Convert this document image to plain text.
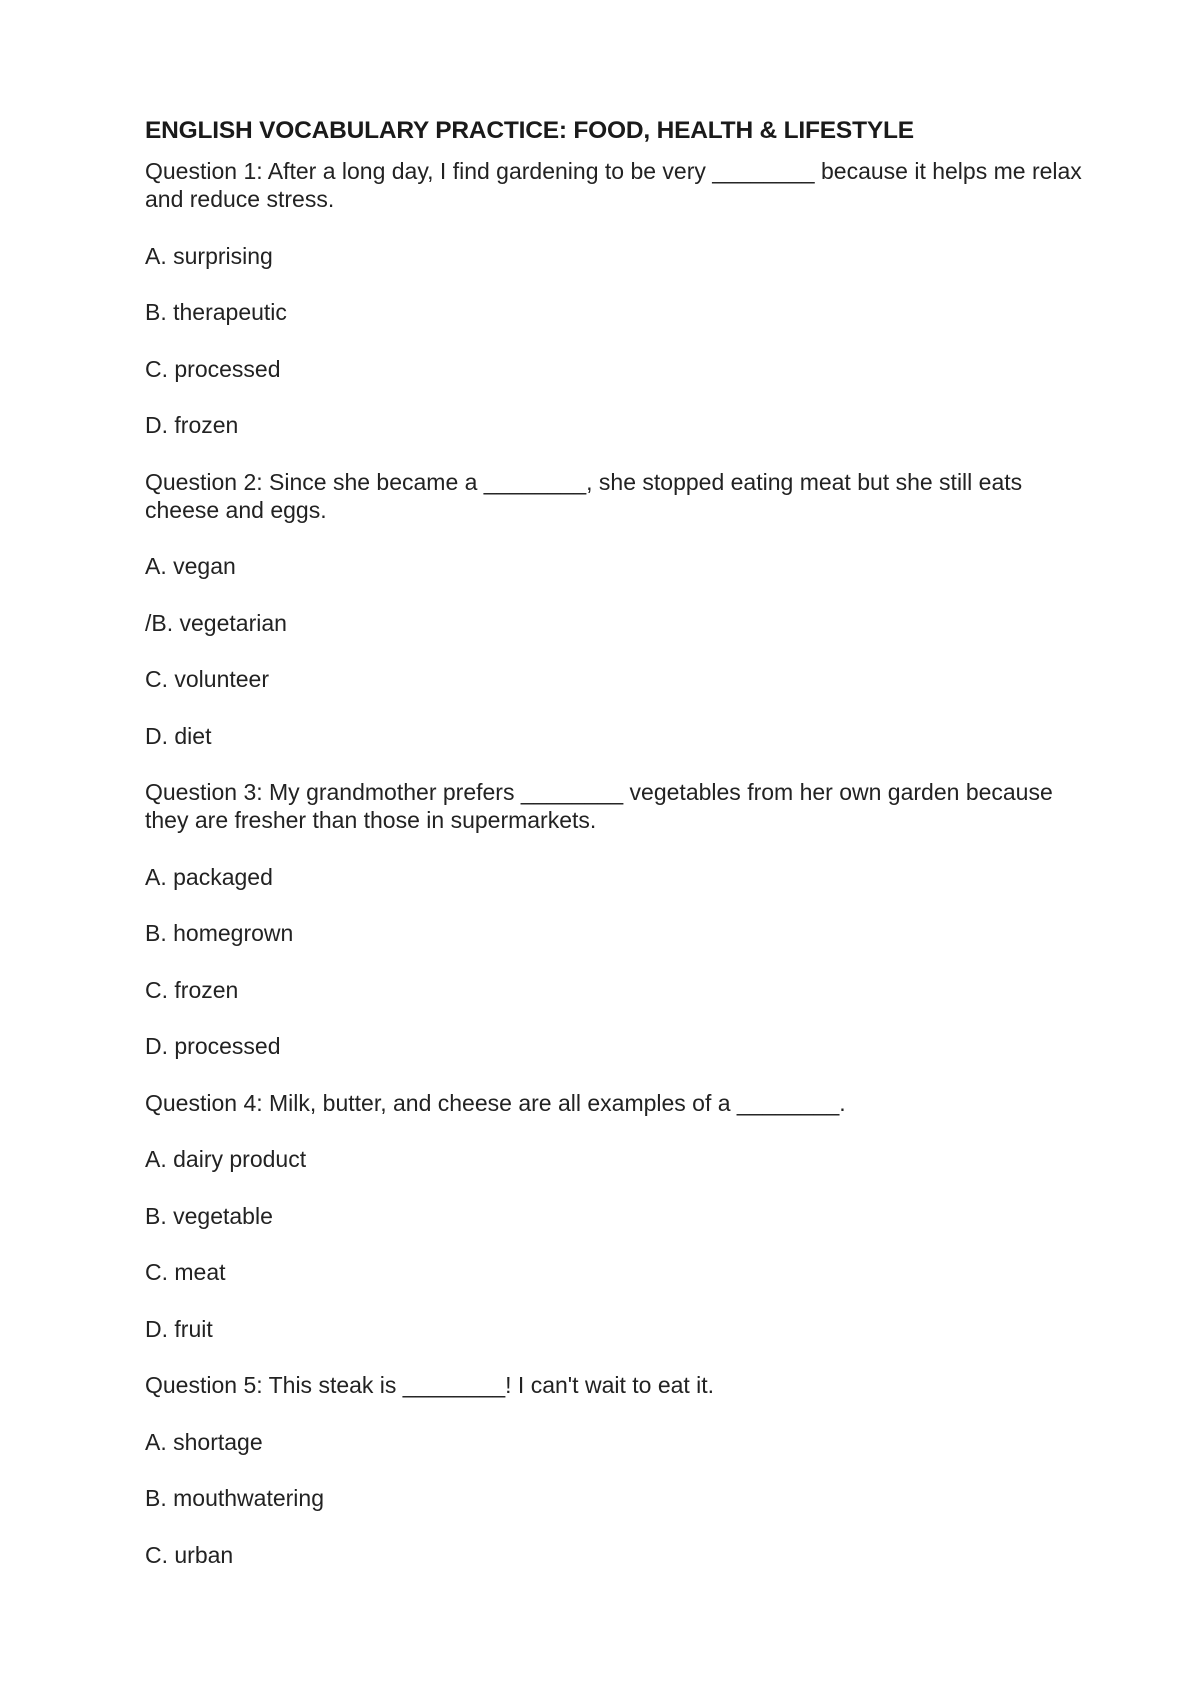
ENGLISH VOCABULARY PRACTICE: FOOD, HEALTH & LIFESTYLE

Question 1: After a long day, I find gardening to be very ________ because it helps me relax and reduce stress.

A. surprising

B. therapeutic

C. processed

D. frozen

Question 2: Since she became a ________, she stopped eating meat but she still eats cheese and eggs.

A. vegan

/B. vegetarian

C. volunteer

D. diet

Question 3: My grandmother prefers ________ vegetables from her own garden because they are fresher than those in supermarkets.

A. packaged

B. homegrown

C. frozen

D. processed

Question 4: Milk, butter, and cheese are all examples of a ________.

A. dairy product

B. vegetable

C. meat

D. fruit

Question 5: This steak is ________! I can't wait to eat it.

A. shortage

B. mouthwatering

C. urban
